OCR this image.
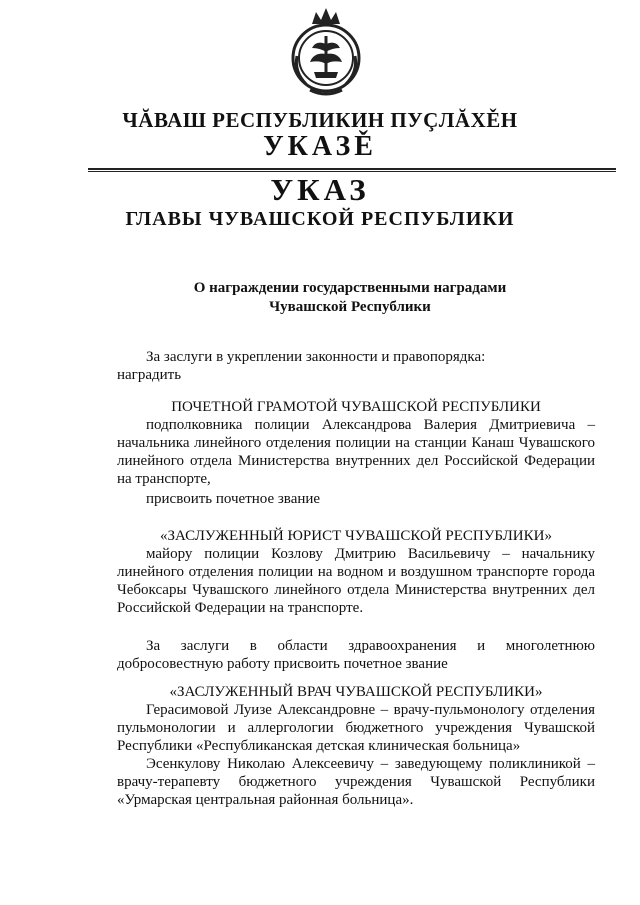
ЧĂВАШ РЕСПУБЛИКИН ПУÇЛĂХĚН
УКАЗĚ
УКАЗ
ГЛАВЫ ЧУВАШСКОЙ РЕСПУБЛИКИ
О награждении государственными наградами
Чувашской Республики

За заслуги в укреплении законности и правопорядка:

наградить

ПОЧЕТНОЙ ГРАМОТОЙ ЧУВАШСКОЙ РЕСПУБЛИКИ

подполковника полиции Александрова Валерия Дмитриевича – начальника линейного отделения полиции на станции Канаш Чувашского линейного отдела Министерства внутренних дел Российской Федерации на транспорте,

присвоить почетное звание

«ЗАСЛУЖЕННЫЙ ЮРИСТ ЧУВАШСКОЙ РЕСПУБЛИКИ»

майору полиции Козлову Дмитрию Васильевичу – начальнику линейного отделения полиции на водном и воздушном транспорте города Чебоксары Чувашского линейного отдела Министерства внутренних дел Российской Федерации на транспорте.

За заслуги в области здравоохранения и многолетнюю добросовестную работу присвоить почетное звание

«ЗАСЛУЖЕННЫЙ ВРАЧ ЧУВАШСКОЙ РЕСПУБЛИКИ»

Герасимовой Луизе Александровне – врачу-пульмонологу отделения пульмонологии и аллергологии бюджетного учреждения Чувашской Республики «Республиканская детская клиническая больница»

Эсенкулову Николаю Алексеевичу – заведующему поликлиникой – врачу-терапевту бюджетного учреждения Чувашской Республики «Урмарская центральная районная больница».
